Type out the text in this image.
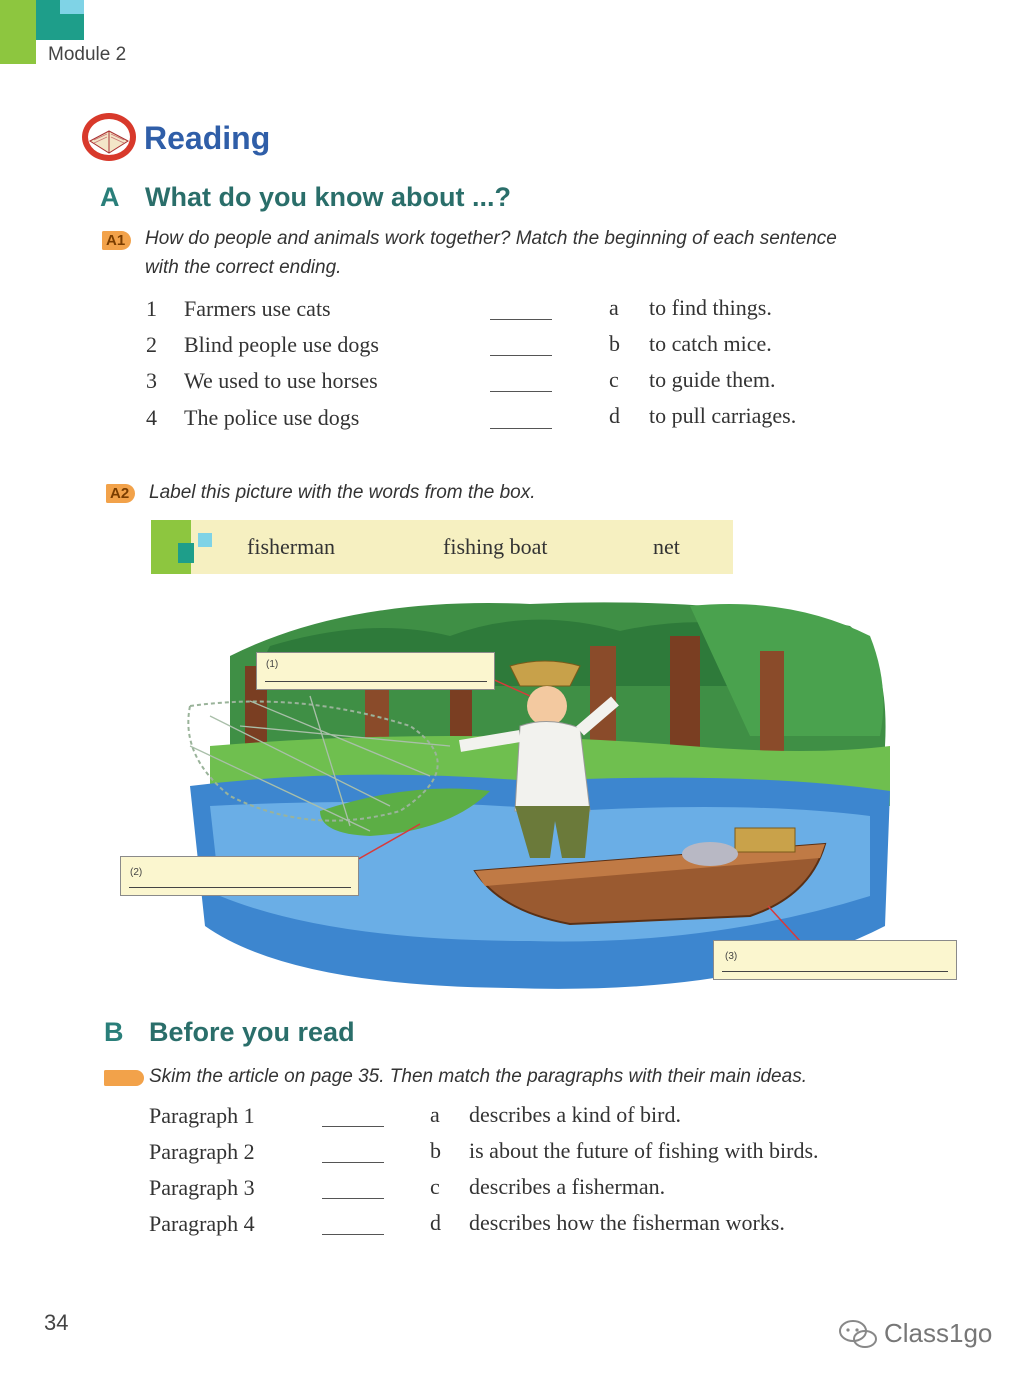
Module 2
Reading
A What do you know about ...?
A1	How do people and animals work together? Match the beginning of each sentence
with the correct ending.
1	Farmers use cats	a to find things.
2	Blind people use dogs	b to catch mice.
3	We used to use horses	c to guide them.
4	The police use dogs	d to pull carriages.
A2	Label this picture with the words from the box.
fisherman	fishing boat	net
(1)
(2)
(3)
B Before you read
Skim the article on page 35. Then match the paragraphs with their main ideas.
Paragraph 1	a describes a kind of bird.
Paragraph 2	b is about the future of fishing with birds.
Paragraph 3	c describes a fisherman.
Paragraph 4	d describes how the fisherman works.
34	Class1go
